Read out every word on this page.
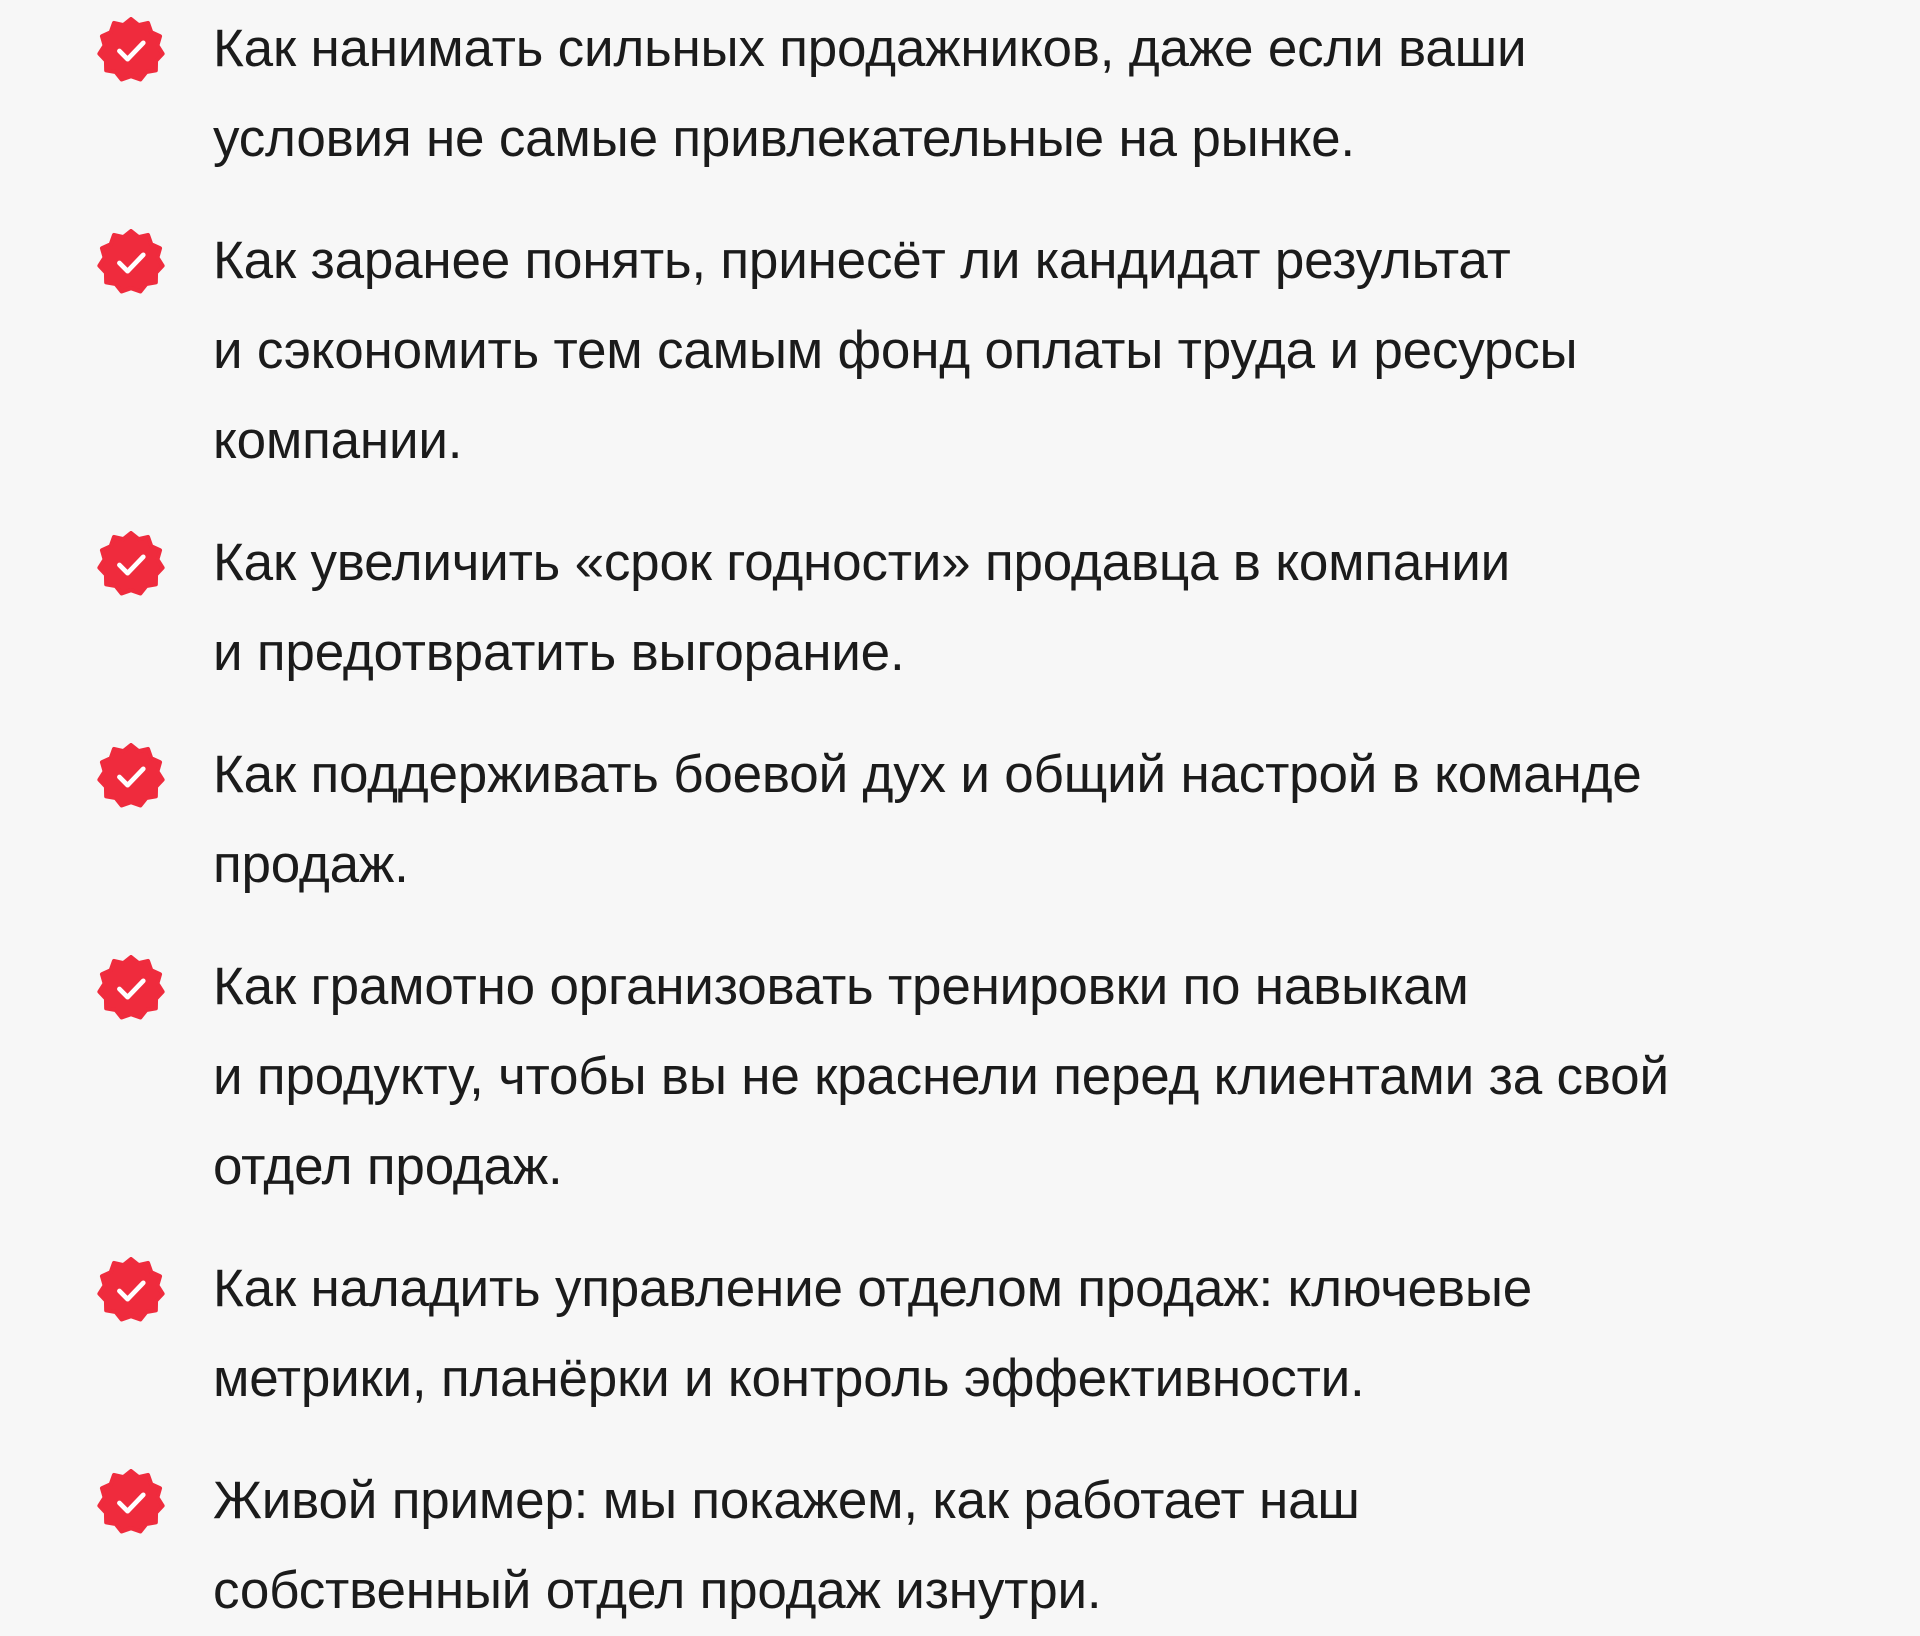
Как нанимать сильных продажников, даже если ваши
условия не самые привлекательные на рынке.
Как заранее понять, принесёт ли кандидат результат
и сэкономить тем самым фонд оплаты труда и ресурсы
компании.
Как увеличить «срок годности» продавца в компании
и предотвратить выгорание.
Как поддерживать боевой дух и общий настрой в команде
продаж.
Как грамотно организовать тренировки по навыкам
и продукту, чтобы вы не краснели перед клиентами за свой
отдел продаж.
Как наладить управление отделом продаж: ключевые
метрики, планёрки и контроль эффективности.
Живой пример: мы покажем, как работает наш
собственный отдел продаж изнутри.
